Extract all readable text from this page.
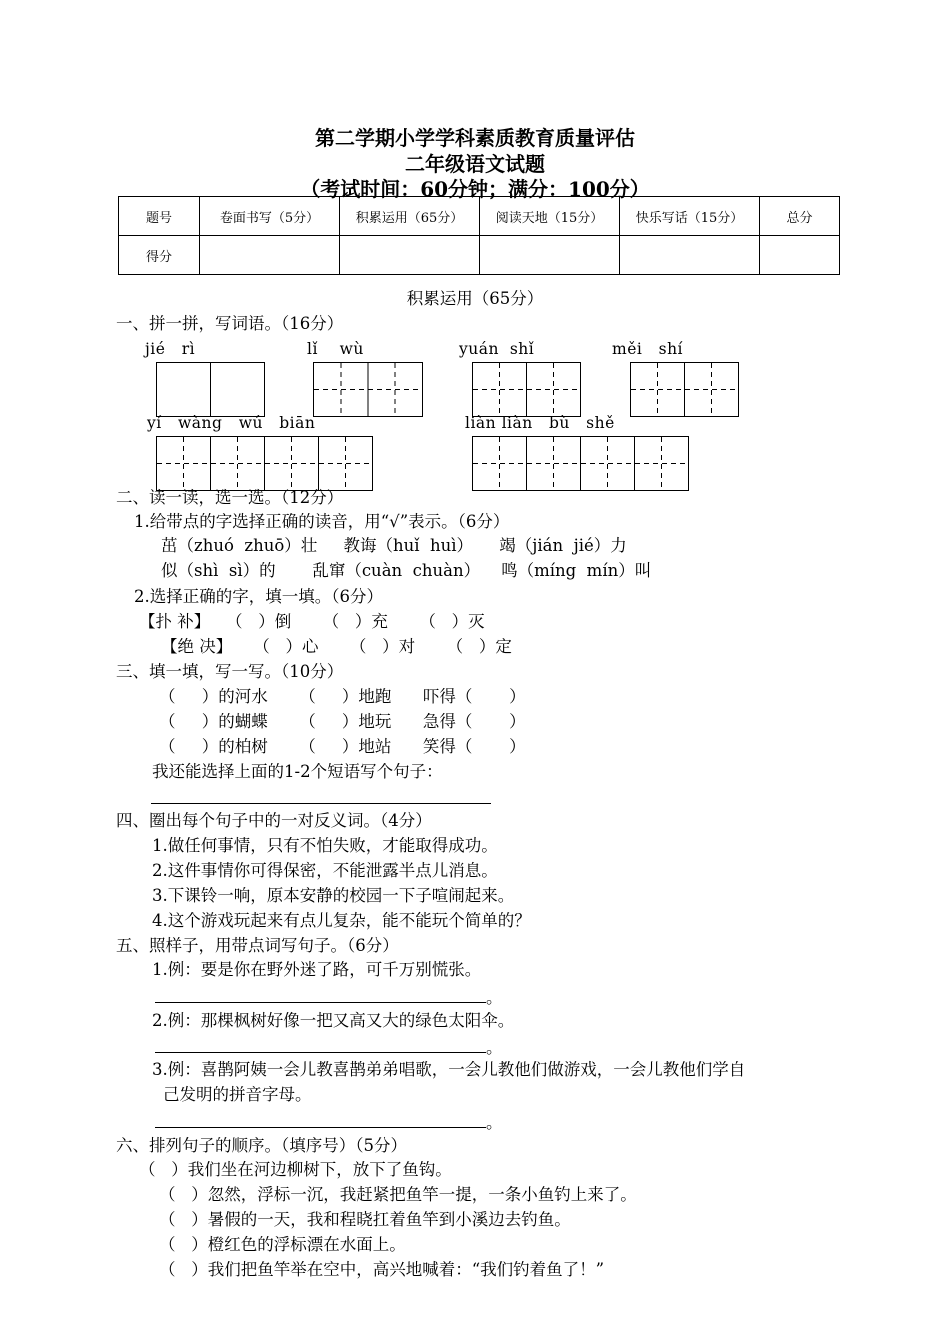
第二学期小学学科素质教育质量评估
二年级语文试题
（考试时间：60分钟；满分：100分）
题号	卷面书写（5分）	积累运用（65分）	阅读天地（15分）	快乐写话（15分）	总分
得分					
积累运用（65分）
一、拼一拼，写词语。（16分）
jié   rì	lǐ    wù	yuán  shǐ	měi   shí
yí   wàng   wú   biān	liàn liàn   bù   shě
二、读一读，选一选。（12分）
1.给带点的字选择正确的读音，用“√”表示。（6分）
茁（zhuó  zhuō）壮     教诲（huǐ  huì）     竭（jián  jié）力
似（shì  sì）的       乱窜（cuàn  chuàn）    鸣（míng  mín）叫
2.选择正确的字，填一填。（6分）
【扑 补】   （   ）倒      （   ）充      （   ）灭
【绝 决】    （   ）心      （   ）对      （   ）定
三、填一填，写一写。（10分）
（     ）的河水      （     ）地跑      吓得（       ）
（     ）的蝴蝶      （     ）地玩      急得（       ）
（     ）的柏树      （     ）地站      笑得（       ）
我还能选择上面的1-2个短语写个句子：
四、圈出每个句子中的一对反义词。（4分）
1.做任何事情，只有不怕失败，才能取得成功。
2.这件事情你可得保密，不能泄露半点儿消息。
3.下课铃一响，原本安静的校园一下子喧闹起来。
4.这个游戏玩起来有点儿复杂，能不能玩个简单的？
五、照样子，用带点词写句子。（6分）
1.例：要是你在野外迷了路，可千万别慌张。
。
2.例：那棵枫树好像一把又高又大的绿色太阳伞。
。
3.例：喜鹊阿姨一会儿教喜鹊弟弟唱歌，一会儿教他们做游戏，一会儿教他们学自
己发明的拼音字母。
。
六、排列句子的顺序。（填序号）（5分）
（   ）我们坐在河边柳树下，放下了鱼钩。
（   ）忽然，浮标一沉，我赶紧把鱼竿一提，一条小鱼钓上来了。
（   ）暑假的一天，我和程晓扛着鱼竿到小溪边去钓鱼。
（   ）橙红色的浮标漂在水面上。
（   ）我们把鱼竿举在空中，高兴地喊着：“我们钓着鱼了！”
